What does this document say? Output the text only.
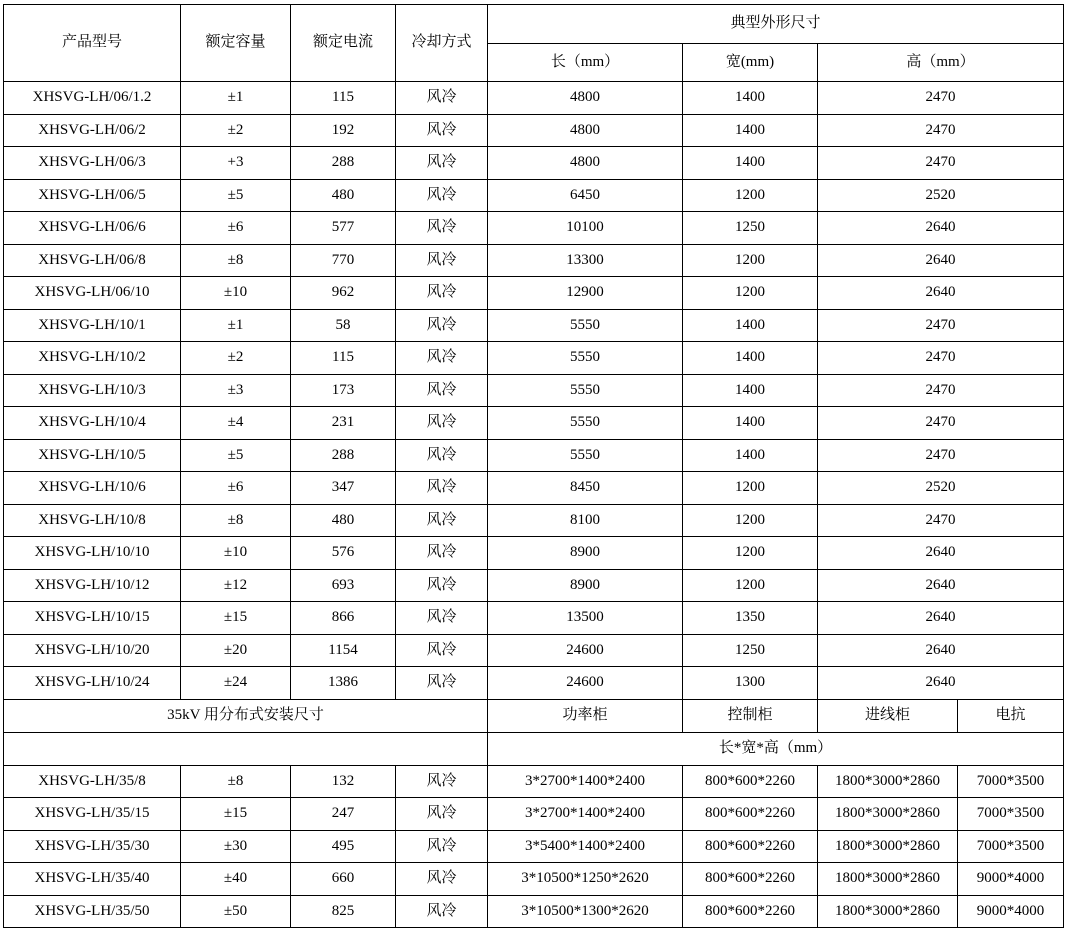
产品型号	额定容量	额定电流	冷却方式	典型外形尺寸			
				长（mm）	宽(mm)	高（mm）	
XHSVG-LH/06/1.2	±1	115	风冷	4800	1400	2470	
XHSVG-LH/06/2	±2	192	风冷	4800	1400	2470	
XHSVG-LH/06/3	+3	288	风冷	4800	1400	2470	
XHSVG-LH/06/5	±5	480	风冷	6450	1200	2520	
XHSVG-LH/06/6	±6	577	风冷	10100	1250	2640	
XHSVG-LH/06/8	±8	770	风冷	13300	1200	2640	
XHSVG-LH/06/10	±10	962	风冷	12900	1200	2640	
XHSVG-LH/10/1	±1	58	风冷	5550	1400	2470	
XHSVG-LH/10/2	±2	115	风冷	5550	1400	2470	
XHSVG-LH/10/3	±3	173	风冷	5550	1400	2470	
XHSVG-LH/10/4	±4	231	风冷	5550	1400	2470	
XHSVG-LH/10/5	±5	288	风冷	5550	1400	2470	
XHSVG-LH/10/6	±6	347	风冷	8450	1200	2520	
XHSVG-LH/10/8	±8	480	风冷	8100	1200	2470	
XHSVG-LH/10/10	±10	576	风冷	8900	1200	2640	
XHSVG-LH/10/12	±12	693	风冷	8900	1200	2640	
XHSVG-LH/10/15	±15	866	风冷	13500	1350	2640	
XHSVG-LH/10/20	±20	1154	风冷	24600	1250	2640	
XHSVG-LH/10/24	±24	1386	风冷	24600	1300	2640	
35kV 用分布式安装尺寸				功率柜	控制柜	进线柜	电抗
				长*宽*高（mm）			
XHSVG-LH/35/8	±8	132	风冷	3*2700*1400*2400	800*600*2260	1800*3000*2860	7000*3500
XHSVG-LH/35/15	±15	247	风冷	3*2700*1400*2400	800*600*2260	1800*3000*2860	7000*3500
XHSVG-LH/35/30	±30	495	风冷	3*5400*1400*2400	800*600*2260	1800*3000*2860	7000*3500
XHSVG-LH/35/40	±40	660	风冷	3*10500*1250*2620	800*600*2260	1800*3000*2860	9000*4000
XHSVG-LH/35/50	±50	825	风冷	3*10500*1300*2620	800*600*2260	1800*3000*2860	9000*4000
